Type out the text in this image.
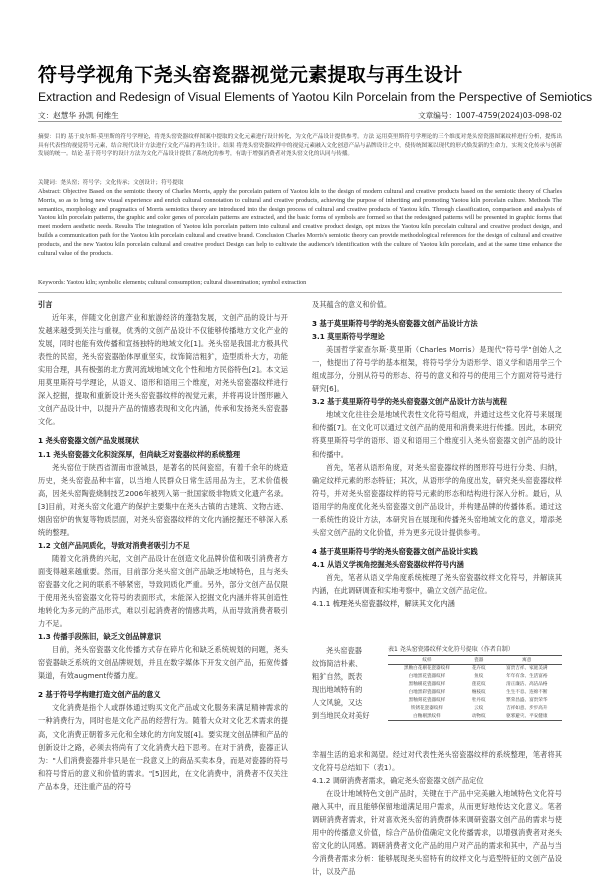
符号学视角下尧头窑瓷器视觉元素提取与再生设计
Extraction and Redesign of Visual Elements of Yaotou Kiln Porcelain from the Perspective of Semiotics
文：赵慧华 孙凯 何维生	文章编号：1007-4759(2024)03-098-02
摘要：目的 基于皮尔斯·莫里斯的符号学理论，将尧头窑瓷器纹样图案中提取的文化元素进行设计转化，为文化产品设计提供参考。方法 运用莫里斯符号学理论的三个维度对尧头窑瓷器图案纹样进行分析，提炼出具有代表性的视觉符号元素，结合现代设计方法进行文化产品的再生设计。结果 将尧头窑瓷器纹样中的视觉元素融入文化创意产品与品牌设计之中，使传统图案以现代的形式焕发新的生命力，实现文化传承与创新发展的统一。结论 基于符号学的设计方法为文化产品设计提供了系统化的参考，有助于增强消费者对尧头窑文化的认同与传播。
关键词：尧头窑；符号学；文化传承；文创设计；符号提取
Abstract: Objective Based on the semiotic theory of Charles Morris, apply the porcelain pattern of Yaotou kiln to the design of modern cultural and creative products based on the semiotic theory of Charles Morris, so as to bring new visual experience and enrich cultural connotation to cultural and creative products, achieving the purpose of inheriting and promoting Yaotou kiln porcelain culture. Methods The semantics, morphology and pragmatics of Morris semiotics theory are introduced into the design process of cultural and creative products of Yaotou kiln. Through classification, comparison and analysis of Yaotou kiln porcelain patterns, the graphic and color genes of porcelain patterns are extracted, and the basic forms of symbols are formed so that the redesigned patterns will be presented in graphic forms that meet modern aesthetic needs. Results The integration of Yaotou kiln porcelain pattern into cultural and creative product design, opt mizes the Yaotou kiln porcelain cultural and creative product design, and builds a communication path for the Yaotou kiln porcelain cultural and creative brand. Conclusion Charles Morris's semiotic theory can provide methodological references for the design of cultural and creative products, and the new Yaotou kiln porcelain cultural and creative product Design can help to cultivate the audience's identification with the culture of Yaotou kiln porcelain, and at the same time enhance the cultural value of the products.
Keywords: Yaotou kiln; symbolic elements; cultural consumption; cultural dissemination; symbol extraction

引言

近年来，伴随文化创意产业和旅游经济的蓬勃发展，文创产品的设计与开发越来越受到关注与重视，优秀的文创产品设计不仅能够传播地方文化产业的发展，同时也能有效传播和宣扬独特的地域文化[1]。尧头窑是我国北方极具代表性的民窑，尧头窑瓷器胎体厚重坚实，纹饰简洁粗犷，造型质朴大方，功能实用合理，具有极强的北方黄河流域地域文化个性和地方民俗特色[2]。本文运用莫里斯符号学理论，从语义、语形和语用三个维度，对尧头窑瓷器纹样进行深入挖掘，提取和重新设计尧头窑瓷器纹样的视觉元素，并将再设计图形融入文创产品设计中，以提升产品的情感表现和文化内涵，传承和发扬尧头窑瓷器文化。

1 尧头窑瓷器文创产品发展现状

1.1 尧头窑瓷器文化积淀深厚，但尚缺乏对瓷器纹样的系统整理

尧头窑位于陕西省渭南市澄城县，是著名的民间瓷窑，有着千余年的烧造历史，尧头窑瓷品种丰富，以当地人民群众日常生活用品为主，艺术价值极高，因尧头窑陶瓷烧制技艺2006年被列入第一批国家级非物质文化遗产名录。[3]目前，对尧头窑文化遗产的保护主要集中在尧头古镇的古建筑、文物古迹、烟囱窑炉的恢复等物质层面，对尧头窑瓷器纹样的文化内涵挖掘还不够深入系统的整理。

1.2 文创产品同质化，导致对消费者吸引力不足

随着文化消费的兴起，文创产品设计在创造文化品牌价值和吸引消费者方面变得越来越重要。然而，目前部分尧头窑文创产品缺乏地域特色，且与尧头窑瓷器文化之间的联系不够紧密，导致同质化严重。另外，部分文创产品仅限于使用尧头窑瓷器文化符号的表面形式，未能深入挖掘文化内涵并将其创造性地转化为多元的产品形式，难以引起消费者的情感共鸣，从而导致消费者吸引力不足。

1.3 传播手段陈旧，缺乏文创品牌意识

目前，尧头窑瓷器文化传播方式存在碎片化和缺乏系统规划的问题，尧头窑瓷器缺乏系统的文创品牌规划，并且在数字媒体下开发文创产品，拓宽传播渠道，有效augment传播力度。

2 基于符号学构建打造文创产品的意义

文化消费是指个人或群体通过购买文化产品或文化服务来满足精神需求的一种消费行为，同时也是文化产品的经营行为。随着大众对文化艺术需求的提高，文化消费正朝着多元化和全球化的方向发展[4]。要实现文创品牌和产品的创新设计之路，必须去将尚有了文化消费大趋下思考。在对于消费，瓷器正认为："人们消费瓷器并非只是在一段意义上的商品买卖本身，而是对瓷器的符号和符号背后的意义和价值的需求。"[5]因此，在文化消费中，消费者不仅关注产品本身，还注重产品的符号

及其蕴含的意义和价值。

3 基于莫里斯符号学的尧头窑瓷器文创产品设计方法

3.1 莫里斯符号学理论

美国哲学家查尔斯·莫里斯（Charles Morris）是现代"符号学"创始人之一，他提出了符号学的基本框架，将符号学分为语形学、语义学和语用学三个组成部分，分别从符号的形态、符号的意义和符号的使用三个方面对符号进行研究[6]。

3.2 基于莫里斯符号学的尧头窑瓷器文创产品设计方法与流程

地域文化往往会是地域代表性文化符号组成，并通过这些文化符号来展现和传播[7]。在文化可以通过文创产品的使用和消费来进行传播。因此，本研究将莫里斯符号学的语形、语义和语用三个维度引入尧头窑瓷器文创产品的设计和传播中。

首先，笔者从语形角度，对尧头窑瓷器纹样的图形符号进行分类、归纳，确定纹样元素的形态特征；其次，从语形学的角度出发，研究尧头窑瓷器纹样符号，并对尧头窑瓷器纹样的符号元素的形态和结构进行深入分析。最后，从语用学的角度优化尧头窑瓷器文创产品设计，并构建品牌的传播体系。通过这一系统性的设计方法，本研究旨在展现和传播尧头窑地域文化的意义，增添尧头窑文创产品的文化价值，并为更多元设计提供参考。

4 基于莫里斯符号学的尧头窑瓷器文创产品设计实践

4.1 从语义学视角挖掘尧头窑瓷器纹样符号内涵

首先，笔者从语义学角度系统梳理了尧头窑瓷器纹样文化符号，并解读其内涵，在此调研调查和实地考察中，确立文创产品定位。

4.1.1 梳理尧头窑瓷器纹样，解读其文化内涵

尧头窑瓷器

纹饰简洁朴素、

粗犷自然，既表

现出地域特有的

人文风貌，又达

到当地民众对美好

表1 尧头窑瓷器纹样文化符号提取（作者自制）
纹样	瓷器	寓意
黑釉白花剔花瓷器纹样	花卉纹	富贵吉祥、家庭美满
白地黑花瓷器纹样	鱼纹	年年有余、生活富裕
黑釉剔花瓷器纹样	莲花纹	清正廉洁、高洁品格
白地黑彩瓷器纹样	缠枝纹	生生不息、连绵不断
黑釉刻花瓷器纹样	牡丹纹	繁荣昌盛、富贵荣华
铁锈花瓷器纹样	云纹	吉祥如意、步步高升
白釉剔黑纹样	动物纹	驱邪避灾、平安健康

幸福生活的追求和渴望。经过对代表性尧头窑瓷器纹样的系统整理，笔者将其文化符号总结如下（表1）。

4.1.2 调研消费者需求，确定尧头窑瓷器文创产品定位

在设计地域特色文创产品时，关键在于产品中完美融入地域特色文化符号融入其中，而且能够保留地道满足用户需求，从而更好地传达文化意义。笔者调研消费者需求，针对喜欢尧头窑的消费群体来调研瓷器文创产品的需求与使用中的传播意义价值，综合产品价值确定文化传播需求，以增强消费者对尧头窑文化的认同感。调研消费者文化产品的用户对产品的需求和其中，产品与当今消费者需求分析：能够展现尧头窑特有的纹样文化与造型特征的文创产品设计，以及产品
